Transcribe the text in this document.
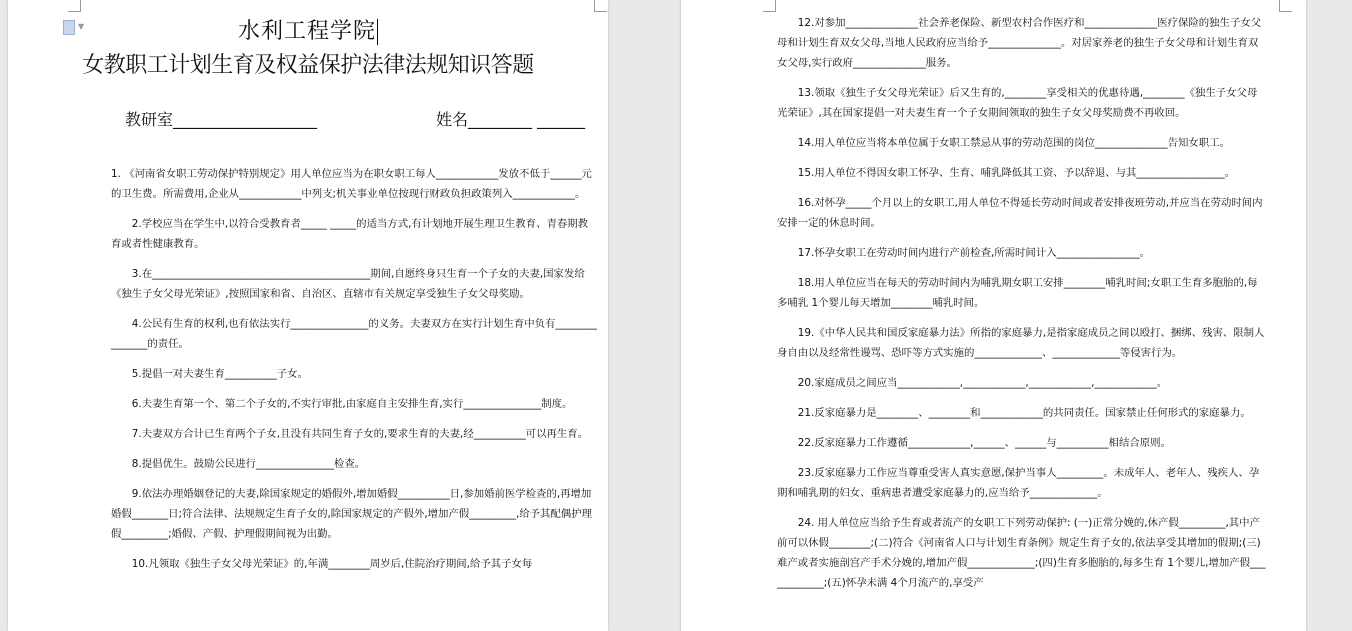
▼	水利工程学院
女教职工计划生育及权益保护法律法规知识答题
教研室__________________	姓名________ ______

1. 《河南省女职工劳动保护特别规定》用人单位应当为在职女职工每人____________发放不低于______元的卫生费。所需费用,企业从____________中列支;机关事业单位按现行财政负担政策列入____________。

2.学校应当在学生中,以符合受教育者_____ _____的适当方式,有计划地开展生理卫生教育、青春期教育或者性健康教育。

3.在__________________________________________期间,自愿终身只生育一个子女的夫妻,国家发给《独生子女父母光荣证》,按照国家和省、自治区、直辖市有关规定享受独生子女父母奖励。

4.公民有生育的权利,也有依法实行_______________的义务。夫妻双方在实行计划生育中负有_______________的责任。

5.提倡一对夫妻生育__________子女。

6.夫妻生育第一个、第二个子女的,不实行审批,由家庭自主安排生育,实行_______________制度。

7.夫妻双方合计已生育两个子女,且没有共同生育子女的,要求生育的夫妻,经__________可以再生育。

8.提倡优生。鼓励公民进行_______________检查。

9.依法办理婚姻登记的夫妻,除国家规定的婚假外,增加婚假__________日,参加婚前医学检查的,再增加婚假_______日;符合法律、法规规定生育子女的,除国家规定的产假外,增加产假_________,给予其配偶护理假_________;婚假、产假、护理假期间视为出勤。

10.凡领取《独生子女父母光荣证》的,年满________周岁后,住院治疗期间,给予其子女每

12.对参加______________社会养老保险、新型农村合作医疗和______________医疗保险的独生子女父母和计划生育双女父母,当地人民政府应当给予______________。对居家养老的独生子女父母和计划生育双女父母,实行政府______________服务。

13.领取《独生子女父母光荣证》后又生育的,________享受相关的优惠待遇,________《独生子女父母光荣证》,其在国家提倡一对夫妻生育一个子女期间领取的独生子女父母奖励费不再收回。

14.用人单位应当将本单位属于女职工禁忌从事的劳动范围的岗位______________告知女职工。

15.用人单位不得因女职工怀孕、生育、哺乳降低其工资、予以辞退、与其_________________。

16.对怀孕_____个月以上的女职工,用人单位不得延长劳动时间或者安排夜班劳动,并应当在劳动时间内安排一定的休息时间。

17.怀孕女职工在劳动时间内进行产前检查,所需时间计入________________。

18.用人单位应当在每天的劳动时间内为哺乳期女职工安排________哺乳时间;女职工生育多胞胎的,每多哺乳 1个婴儿每天增加________哺乳时间。

19.《中华人民共和国反家庭暴力法》所指的家庭暴力,是指家庭成员之间以殴打、捆绑、残害、限制人身自由以及经常性谩骂、恐吓等方式实施的_____________、_____________等侵害行为。

20.家庭成员之间应当____________,____________,____________,____________。

21.反家庭暴力是________、________和____________的共同责任。国家禁止任何形式的家庭暴力。

22.反家庭暴力工作遵循____________,______、______与__________相结合原则。

23.反家庭暴力工作应当尊重受害人真实意愿,保护当事人_________。未成年人、老年人、残疾人、孕期和哺乳期的妇女、重病患者遭受家庭暴力的,应当给予_____________。

24. 用人单位应当给予生育或者流产的女职工下列劳动保护: (一)正常分娩的,休产假_________,其中产前可以休假________;(二)符合《河南省人口与计划生育条例》规定生育子女的,依法享受其增加的假期;(三)难产或者实施剖宫产手术分娩的,增加产假_____________;(四)生育多胞胎的,每多生育 1个婴儿,增加产假____________;(五)怀孕未满 4个月流产的,享受产
